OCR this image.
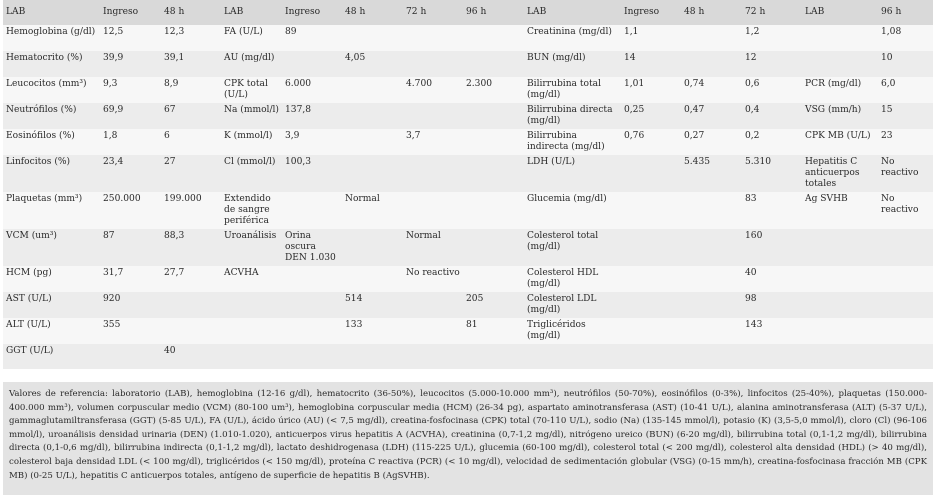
LAB	Ingreso	48 h	LAB	Ingreso	48 h	72 h	96 h	LAB	Ingreso	48 h	72 h	LAB	96 h
Hemoglobina (g/dl)	12,5	12,3	FA (U/L)	89				Creatinina (mg/dl)	1,1		1,2		1,08
Hematocrito (%)	39,9	39,1	AU (mg/dl)		4,05			BUN (mg/dl)	14		12		10
Leucocitos (mm³)	9,3	8,9	CPK total (U/L)	6.000		4.700	2.300	Bilirrubina total (mg/dl)	1,01	0,74	0,6	PCR (mg/dl)	6,0
Neutrófilos (%)	69,9	67	Na (mmol/l)	137,8				Bilirrubina directa (mg/dl)	0,25	0,47	0,4	VSG (mm/h)	15
Eosinófilos (%)	1,8	6	K (mmol/l)	3,9		3,7		Bilirrubina indirecta (mg/dl)	0,76	0,27	0,2	CPK MB (U/L)	23
Linfocitos (%)	23,4	27	Cl (mmol/l)	100,3				LDH (U/L)		5.435	5.310	Hepatitis C anticuerpos totales	No reactivo
Plaquetas (mm³)	250.000	199.000	Extendido de sangre periférica		Normal			Glucemia (mg/dl)			83	Ag SVHB	No reactivo
VCM (um³)	87	88,3	Uroanálisis	Orina oscura DEN 1.030		Normal		Colesterol total (mg/dl)			160		
HCM (pg)	31,7	27,7	ACVHA			No reactivo		Colesterol HDL (mg/dl)			40		
AST (U/L)	920				514		205	Colesterol LDL (mg/dl)			98		
ALT (U/L)	355				133		81	Triglicéridos (mg/dl)			143		
GGT (U/L)		40											
Valores de referencia: laboratorio (LAB), hemoglobina (12-16 g/dl), hematocrito (36-50%), leucocitos (5.000-10.000 mm³), neutrófilos (50-70%), eosinófilos (0-3%), linfocitos (25-40%), plaquetas (150.000-400.000 mm³), volumen corpuscular medio (VCM) (80-100 um³), hemoglobina corpuscular media (HCM) (26-34 pg), aspartato aminotransferasa (AST) (10-41 U/L), alanina aminotransferasa (ALT) (5-37 U/L), gammaglutamiltransferasa (GGT) (5-85 U/L), FA (U/L), ácido úrico (AU) (< 7,5 mg/dl), creatina-fosfocinasa (CPK) total (70-110 U/L), sodio (Na) (135-145 mmol/l), potasio (K) (3,5-5,0 mmol/l), cloro (Cl) (96-106 mmol/l), uroanálisis densidad urinaria (DEN) (1.010-1.020), anticuerpos virus hepatitis A (ACVHA), creatinina (0,7-1,2 mg/dl), nitrógeno ureico (BUN) (6-20 mg/dl), bilirrubina total (0,1-1,2 mg/dl), bilirrubina directa (0,1-0,6 mg/dl), bilirrubina indirecta (0,1-1,2 mg/dl), lactato deshidrogenasa (LDH) (115-225 U/L), glucemia (60-100 mg/dl), colesterol total (< 200 mg/dl), colesterol alta densidad (HDL) (> 40 mg/dl), colesterol baja densidad LDL (< 100 mg/dl), triglicéridos (< 150 mg/dl), proteína C reactiva (PCR) (< 10 mg/dl), velocidad de sedimentación globular (VSG) (0-15 mm/h), creatina-fosfocinasa fracción MB (CPK MB) (0-25 U/L), hepatitis C anticuerpos totales, antígeno de superficie de hepatitis B (AgSVHB).
